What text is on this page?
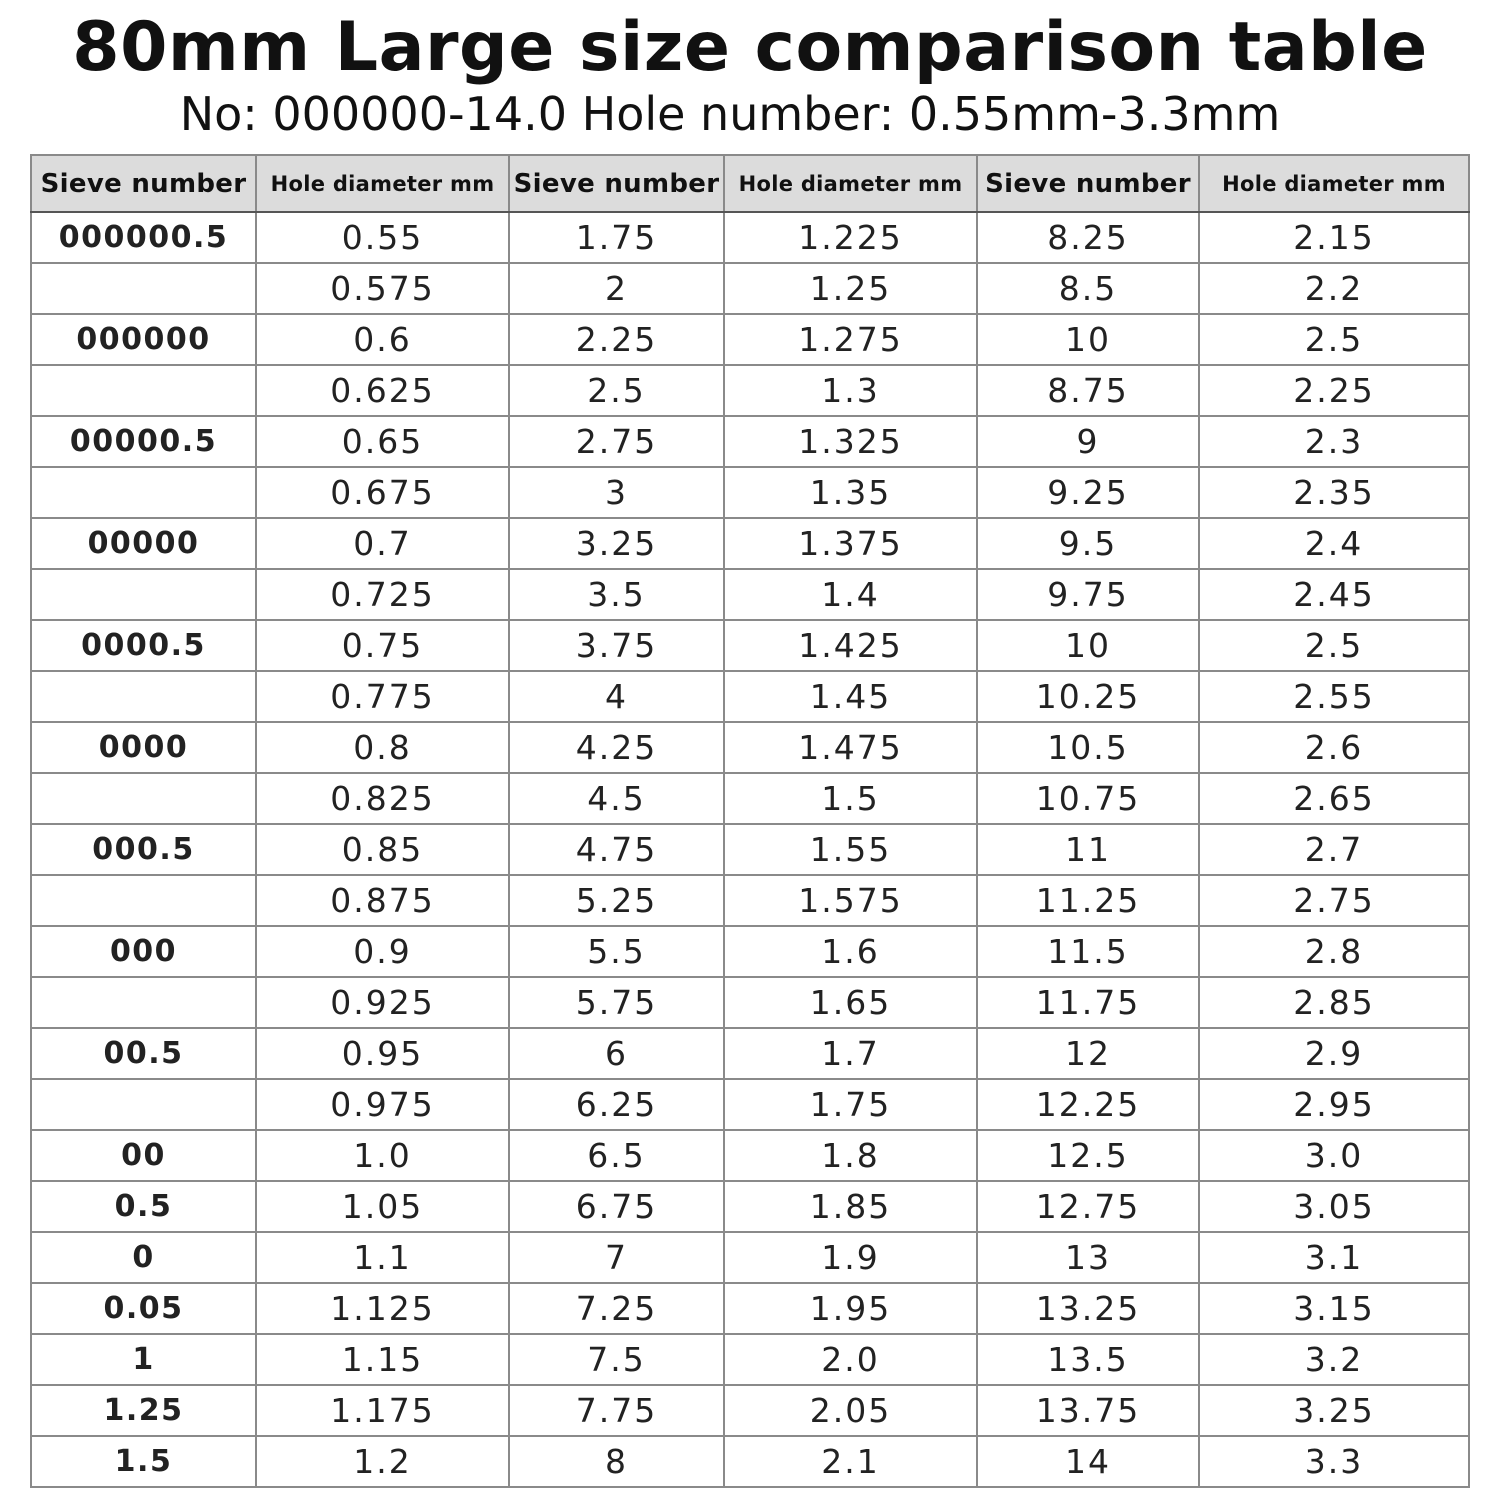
80mm Large size comparison table
No: 000000-14.0 Hole number: 0.55mm-3.3mm
Sieve number	Hole diameter mm	Sieve number	Hole diameter mm	Sieve number	Hole diameter mm
000000.5	0.55	1.75	1.225	8.25	2.15
	0.575	2	1.25	8.5	2.2
000000	0.6	2.25	1.275	10	2.5
	0.625	2.5	1.3	8.75	2.25
00000.5	0.65	2.75	1.325	9	2.3
	0.675	3	1.35	9.25	2.35
00000	0.7	3.25	1.375	9.5	2.4
	0.725	3.5	1.4	9.75	2.45
0000.5	0.75	3.75	1.425	10	2.5
	0.775	4	1.45	10.25	2.55
0000	0.8	4.25	1.475	10.5	2.6
	0.825	4.5	1.5	10.75	2.65
000.5	0.85	4.75	1.55	11	2.7
	0.875	5.25	1.575	11.25	2.75
000	0.9	5.5	1.6	11.5	2.8
	0.925	5.75	1.65	11.75	2.85
00.5	0.95	6	1.7	12	2.9
	0.975	6.25	1.75	12.25	2.95
00	1.0	6.5	1.8	12.5	3.0
0.5	1.05	6.75	1.85	12.75	3.05
0	1.1	7	1.9	13	3.1
0.05	1.125	7.25	1.95	13.25	3.15
1	1.15	7.5	2.0	13.5	3.2
1.25	1.175	7.75	2.05	13.75	3.25
1.5	1.2	8	2.1	14	3.3
